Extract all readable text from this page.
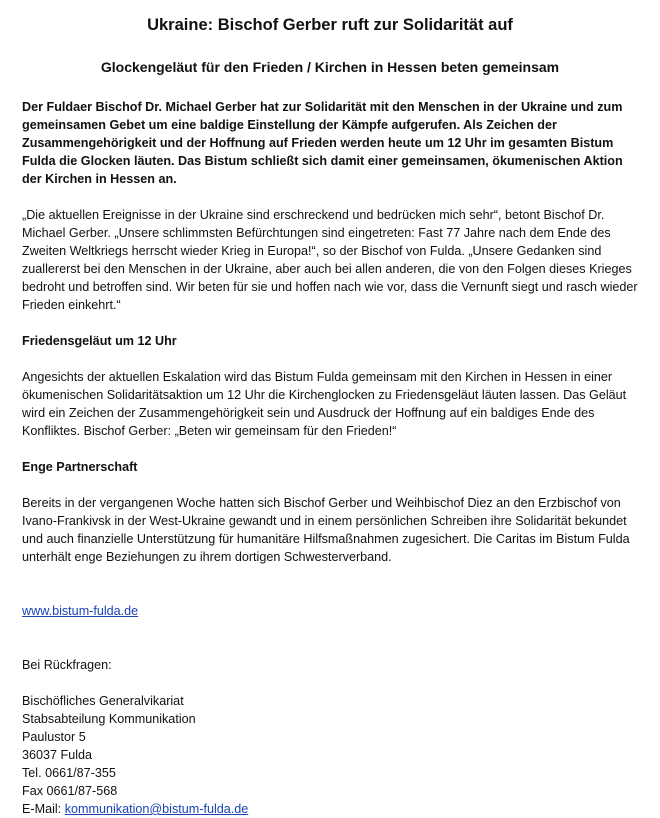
Ukraine: Bischof Gerber ruft zur Solidarität auf
Glockengeläut für den Frieden / Kirchen in Hessen beten gemeinsam

Der Fuldaer Bischof Dr. Michael Gerber hat zur Solidarität mit den Menschen in der Ukraine und zum gemeinsamen Gebet um eine baldige Einstellung der Kämpfe aufgerufen. Als Zeichen der Zusammengehörigkeit und der Hoffnung auf Frieden werden heute um 12 Uhr im gesamten Bistum Fulda die Glocken läuten. Das Bistum schließt sich damit einer gemeinsamen, ökumenischen Aktion der Kirchen in Hessen an.

„Die aktuellen Ereignisse in der Ukraine sind erschreckend und bedrücken mich sehr“, betont Bischof Dr. Michael Gerber. „Unsere schlimmsten Befürchtungen sind eingetreten: Fast 77 Jahre nach dem Ende des Zweiten Weltkriegs herrscht wieder Krieg in Europa!“, so der Bischof von Fulda. „Unsere Gedanken sind zuallererst bei den Menschen in der Ukraine, aber auch bei allen anderen, die von den Folgen dieses Krieges bedroht und betroffen sind. Wir beten für sie und hoffen nach wie vor, dass die Vernunft siegt und rasch wieder Frieden einkehrt.“

Friedensgeläut um 12 Uhr

Angesichts der aktuellen Eskalation wird das Bistum Fulda gemeinsam mit den Kirchen in Hessen in einer ökumenischen Solidaritätsaktion um 12 Uhr die Kirchenglocken zu Friedensgeläut läuten lassen. Das Geläut wird ein Zeichen der Zusammengehörigkeit sein und Ausdruck der Hoffnung auf ein baldiges Ende des Konfliktes. Bischof Gerber: „Beten wir gemeinsam für den Frieden!“

Enge Partnerschaft

Bereits in der vergangenen Woche hatten sich Bischof Gerber und Weihbischof Diez an den Erzbischof von Ivano-Frankivsk in der West-Ukraine gewandt und in einem persönlichen Schreiben ihre Solidarität bekundet und auch finanzielle Unterstützung für humanitäre Hilfsmaßnahmen zugesichert. Die Caritas im Bistum Fulda unterhält enge Beziehungen zu ihrem dortigen Schwesterverband.

www.bistum-fulda.de

Bei Rückfragen:

Bischöfliches Generalvikariat
Stabsabteilung Kommunikation
Paulustor 5
36037 Fulda
Tel. 0661/87-355
Fax 0661/87-568
E-Mail: kommunikation@bistum-fulda.de
